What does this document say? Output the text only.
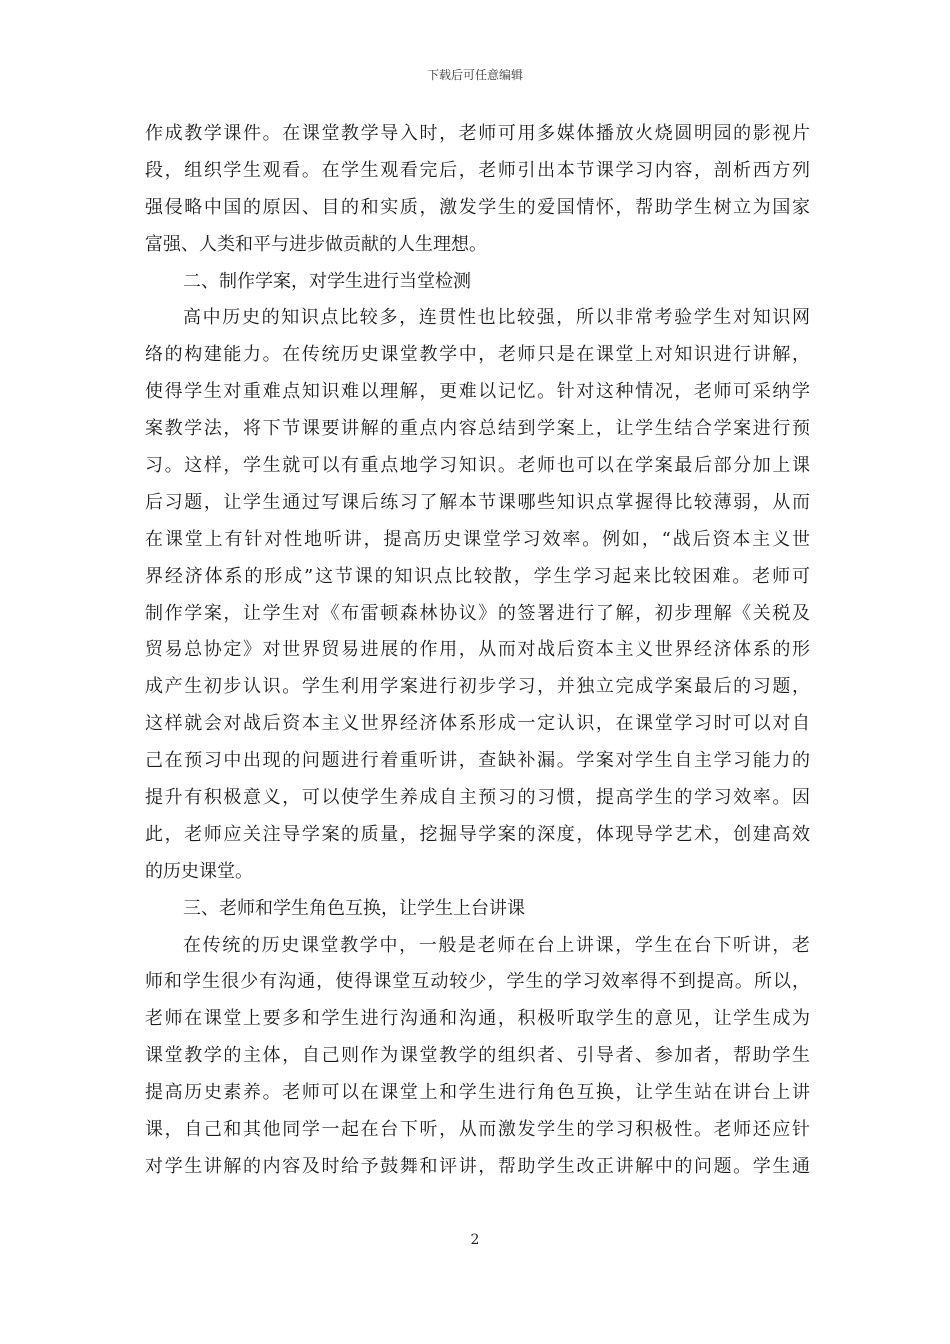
下载后可任意编辑
作成教学课件。在课堂教学导入时，老师可用多媒体播放火烧圆明园的影视片
段，组织学生观看。在学生观看完后，老师引出本节课学习内容，剖析西方列
强侵略中国的原因、目的和实质，激发学生的爱国情怀，帮助学生树立为国家
富强、人类和平与进步做贡献的人生理想。
二、制作学案，对学生进行当堂检测
高中历史的知识点比较多，连贯性也比较强，所以非常考验学生对知识网
络的构建能力。在传统历史课堂教学中，老师只是在课堂上对知识进行讲解，
使得学生对重难点知识难以理解，更难以记忆。针对这种情况，老师可采纳学
案教学法，将下节课要讲解的重点内容总结到学案上，让学生结合学案进行预
习。这样，学生就可以有重点地学习知识。老师也可以在学案最后部分加上课
后习题，让学生通过写课后练习了解本节课哪些知识点掌握得比较薄弱，从而
在课堂上有针对性地听讲，提高历史课堂学习效率。例如，“战后资本主义世
界经济体系的形成”这节课的知识点比较散，学生学习起来比较困难。老师可
制作学案，让学生对《布雷顿森林协议》的签署进行了解，初步理解《关税及
贸易总协定》对世界贸易进展的作用，从而对战后资本主义世界经济体系的形
成产生初步认识。学生利用学案进行初步学习，并独立完成学案最后的习题，
这样就会对战后资本主义世界经济体系形成一定认识，在课堂学习时可以对自
己在预习中出现的问题进行着重听讲，查缺补漏。学案对学生自主学习能力的
提升有积极意义，可以使学生养成自主预习的习惯，提高学生的学习效率。因
此，老师应关注导学案的质量，挖掘导学案的深度，体现导学艺术，创建高效
的历史课堂。
三、老师和学生角色互换，让学生上台讲课
在传统的历史课堂教学中，一般是老师在台上讲课，学生在台下听讲，老
师和学生很少有沟通，使得课堂互动较少，学生的学习效率得不到提高。所以，
老师在课堂上要多和学生进行沟通和沟通，积极听取学生的意见，让学生成为
课堂教学的主体，自己则作为课堂教学的组织者、引导者、参加者，帮助学生
提高历史素养。老师可以在课堂上和学生进行角色互换，让学生站在讲台上讲
课，自己和其他同学一起在台下听，从而激发学生的学习积极性。老师还应针
对学生讲解的内容及时给予鼓舞和评讲，帮助学生改正讲解中的问题。学生通
2
